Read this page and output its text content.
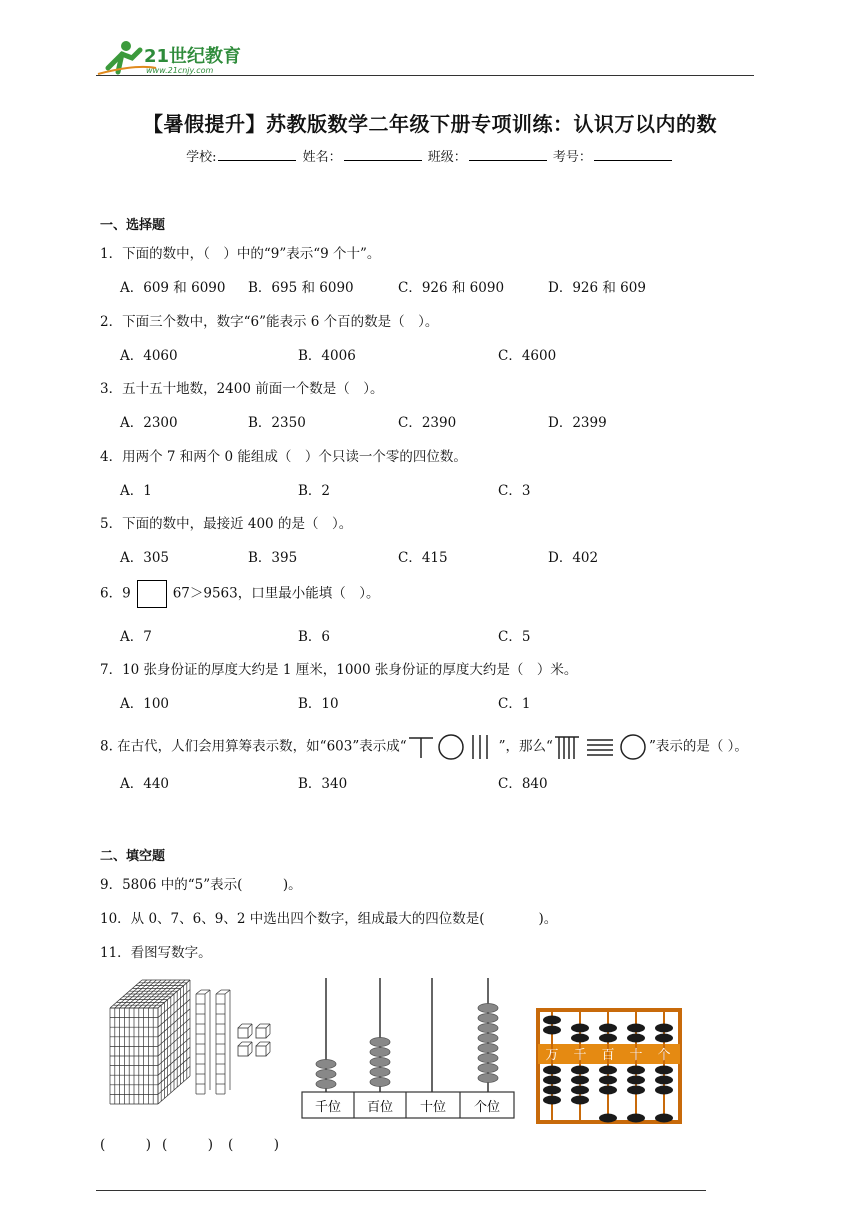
21世纪教育
www.21cnjy.com
【暑假提升】苏教版数学二年级下册专项训练：认识万以内的数
学校:	姓名：	班级：	考号：
一、选择题
1．下面的数中，（　）中的“9”表示“9 个十”。
A．609 和 6090 B．695 和 6090	C．926 和 6090	D．926 和 609
2．下面三个数中，数字“6”能表示 6 个百的数是（　）。
A．4060	B．4006	C．4600
3．五十五十地数，2400 前面一个数是（　）。
A．2300	B．2350	C．2390	D．2399
4．用两个 7 和两个 0 能组成（　）个只读一个零的四位数。
A．1	B．2	C．3
5．下面的数中，最接近 400 的是（　）。
A．305	B．395	C．415	D．402
6．9	67＞9563，口里最小能填（　）。
A．7	B．6	C．5
7．10 张身份证的厚度大约是 1 厘米，1000 张身份证的厚度大约是（　）米。
A．100	B．10	C．1
8. 在古代，人们会用算筹表示数，如“603”表示成“	”，那么“	”表示的是（ ）。
A．440	B．340	C．840
二、填空题
9．5806 中的“5”表示(　　　)。
10．从 0、7、6、9、2 中选出四个数字，组成最大的四位数是(　　　　)。
11．看图写数字。
千位 百位 十位 个位
万 千 百 十 个
(　　　) (　　　) (　　　)
